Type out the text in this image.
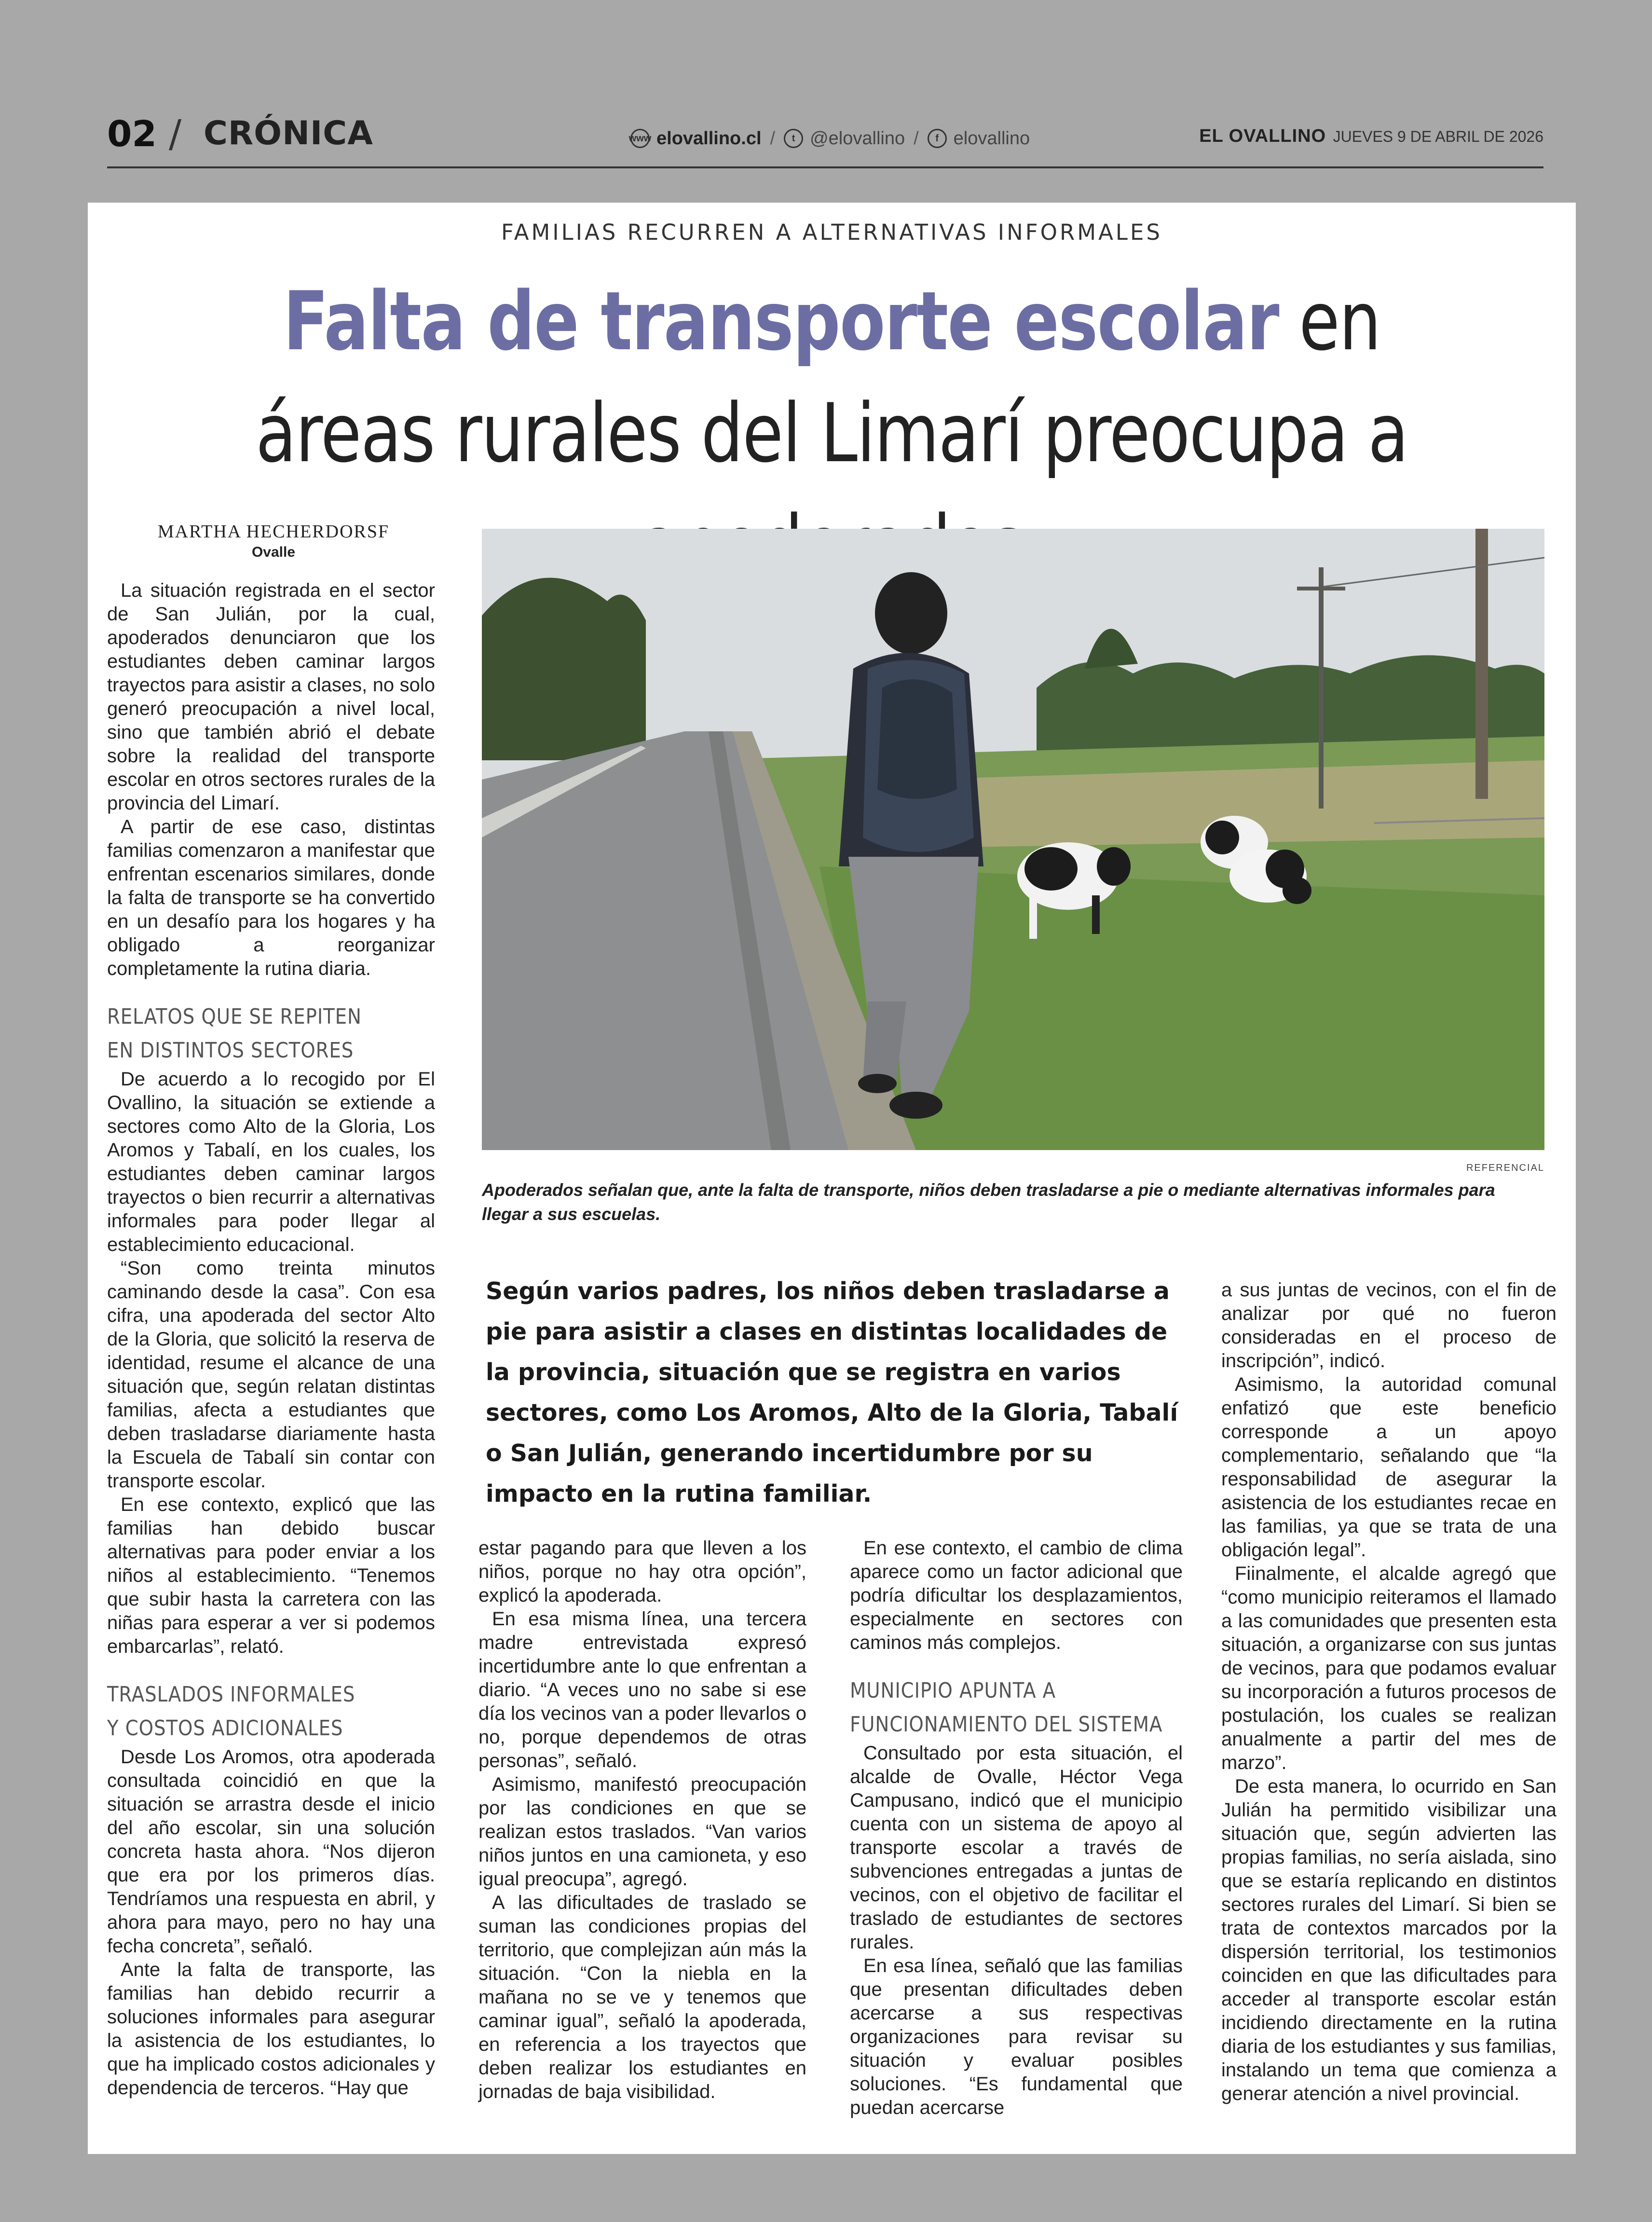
02 / CRÓNICA	www elovallino.cl /	t @elovallino /	f elovallino	EL OVALLINO JUEVES 9 DE ABRIL DE 2026
FAMILIAS RECURREN A ALTERNATIVAS INFORMALES
Falta de transporte escolar en áreas rurales del Limarí preocupa a
MARTHA HECHERDORSF
Ovalle

La situación registrada en el sector de San Julián, por la cual, apoderados denunciaron que los estudiantes deben caminar largos trayectos para asistir a clases, no solo generó preocupación a nivel local, sino que también abrió el debate sobre la realidad del transporte escolar en otros sectores rurales de la provincia del Limarí.

A partir de ese caso, distintas familias comenzaron a manifestar que enfrentan escenarios similares, donde la falta de transporte se ha convertido en un desafío para los hogares y ha obligado a reorganizar completamente la rutina diaria.

RELATOS QUE SE REPITEN
EN DISTINTOS SECTORES

De acuerdo a lo recogido por El Ovallino, la situación se extiende a sectores como Alto de la Gloria, Los Aromos y Tabalí, en los cuales, los estudiantes deben caminar largos trayectos o bien recurrir a alternativas informales para poder llegar al establecimiento educacional.

“Son como treinta minutos caminando desde la casa”. Con esa cifra, una apoderada del sector Alto de la Gloria, que solicitó la reserva de identidad, resume el alcance de una situación que, según relatan distintas familias, afecta a estudiantes que deben trasladarse diariamente hasta la Escuela de Tabalí sin contar con transporte escolar.

En ese contexto, explicó que las familias han debido buscar alternativas para poder enviar a los niños al establecimiento. “Tenemos que subir hasta la carretera con las niñas para esperar a ver si podemos embarcarlas”, relató.

TRASLADOS INFORMALES
Y COSTOS ADICIONALES

Desde Los Aromos, otra apoderada consultada coincidió en que la situación se arrastra desde el inicio del año escolar, sin una solución concreta hasta ahora. “Nos dijeron que era por los primeros días. Tendríamos una respuesta en abril, y ahora para mayo, pero no hay una fecha concreta”, señaló.

Ante la falta de transporte, las familias han debido recurrir a soluciones informales para asegurar la asistencia de los estudiantes, lo que ha implicado costos adicionales y dependencia de terceros. “Hay que

REFERENCIAL
Apoderados señalan que, ante la falta de transporte, niños deben trasladarse a pie o mediante alternativas informales para llegar a sus escuelas.
Según varios padres, los niños deben trasladarse a pie para asistir a clases en distintas localidades de la provincia, situación que se registra en varios sectores, como Los Aromos, Alto de la Gloria, Tabalí o San Julián, generando incertidumbre por su impacto en la rutina familiar.

estar pagando para que lleven a los niños, porque no hay otra opción”, explicó la apoderada.

En esa misma línea, una tercera madre entrevistada expresó incertidumbre ante lo que enfrentan a diario. “A veces uno no sabe si ese día los vecinos van a poder llevarlos o no, porque dependemos de otras personas”, señaló.

Asimismo, manifestó preocupación por las condiciones en que se realizan estos traslados. “Van varios niños juntos en una camioneta, y eso igual preocupa”, agregó.

A las dificultades de traslado se suman las condiciones propias del territorio, que complejizan aún más la situación. “Con la niebla en la mañana no se ve y tenemos que caminar igual”, señaló la apoderada, en referencia a los trayectos que deben realizar los estudiantes en jornadas de baja visibilidad.

En ese contexto, el cambio de clima aparece como un factor adicional que podría dificultar los desplazamientos, especialmente en sectores con caminos más complejos.

MUNICIPIO APUNTA A
FUNCIONAMIENTO DEL SISTEMA

Consultado por esta situación, el alcalde de Ovalle, Héctor Vega Campusano, indicó que el municipio cuenta con un sistema de apoyo al transporte escolar a través de subvenciones entregadas a juntas de vecinos, con el objetivo de facilitar el traslado de estudiantes de sectores rurales.

En esa línea, señaló que las familias que presentan dificultades deben acercarse a sus respectivas organizaciones para revisar su situación y evaluar posibles soluciones. “Es fundamental que puedan acercarse

a sus juntas de vecinos, con el fin de analizar por qué no fueron consideradas en el proceso de inscripción”, indicó.

Asimismo, la autoridad comunal enfatizó que este beneficio corresponde a un apoyo complementario, señalando que “la responsabilidad de asegurar la asistencia de los estudiantes recae en las familias, ya que se trata de una obligación legal”.

Fiinalmente, el alcalde agregó que “como municipio reiteramos el llamado a las comunidades que presenten esta situación, a organizarse con sus juntas de vecinos, para que podamos evaluar su incorporación a futuros procesos de postulación, los cuales se realizan anualmente a partir del mes de marzo”.

De esta manera, lo ocurrido en San Julián ha permitido visibilizar una situación que, según advierten las propias familias, no sería aislada, sino que se estaría replicando en distintos sectores rurales del Limarí. Si bien se trata de contextos marcados por la dispersión territorial, los testimonios coinciden en que las dificultades para acceder al transporte escolar están incidiendo directamente en la rutina diaria de los estudiantes y sus familias, instalando un tema que comienza a generar atención a nivel provincial.
